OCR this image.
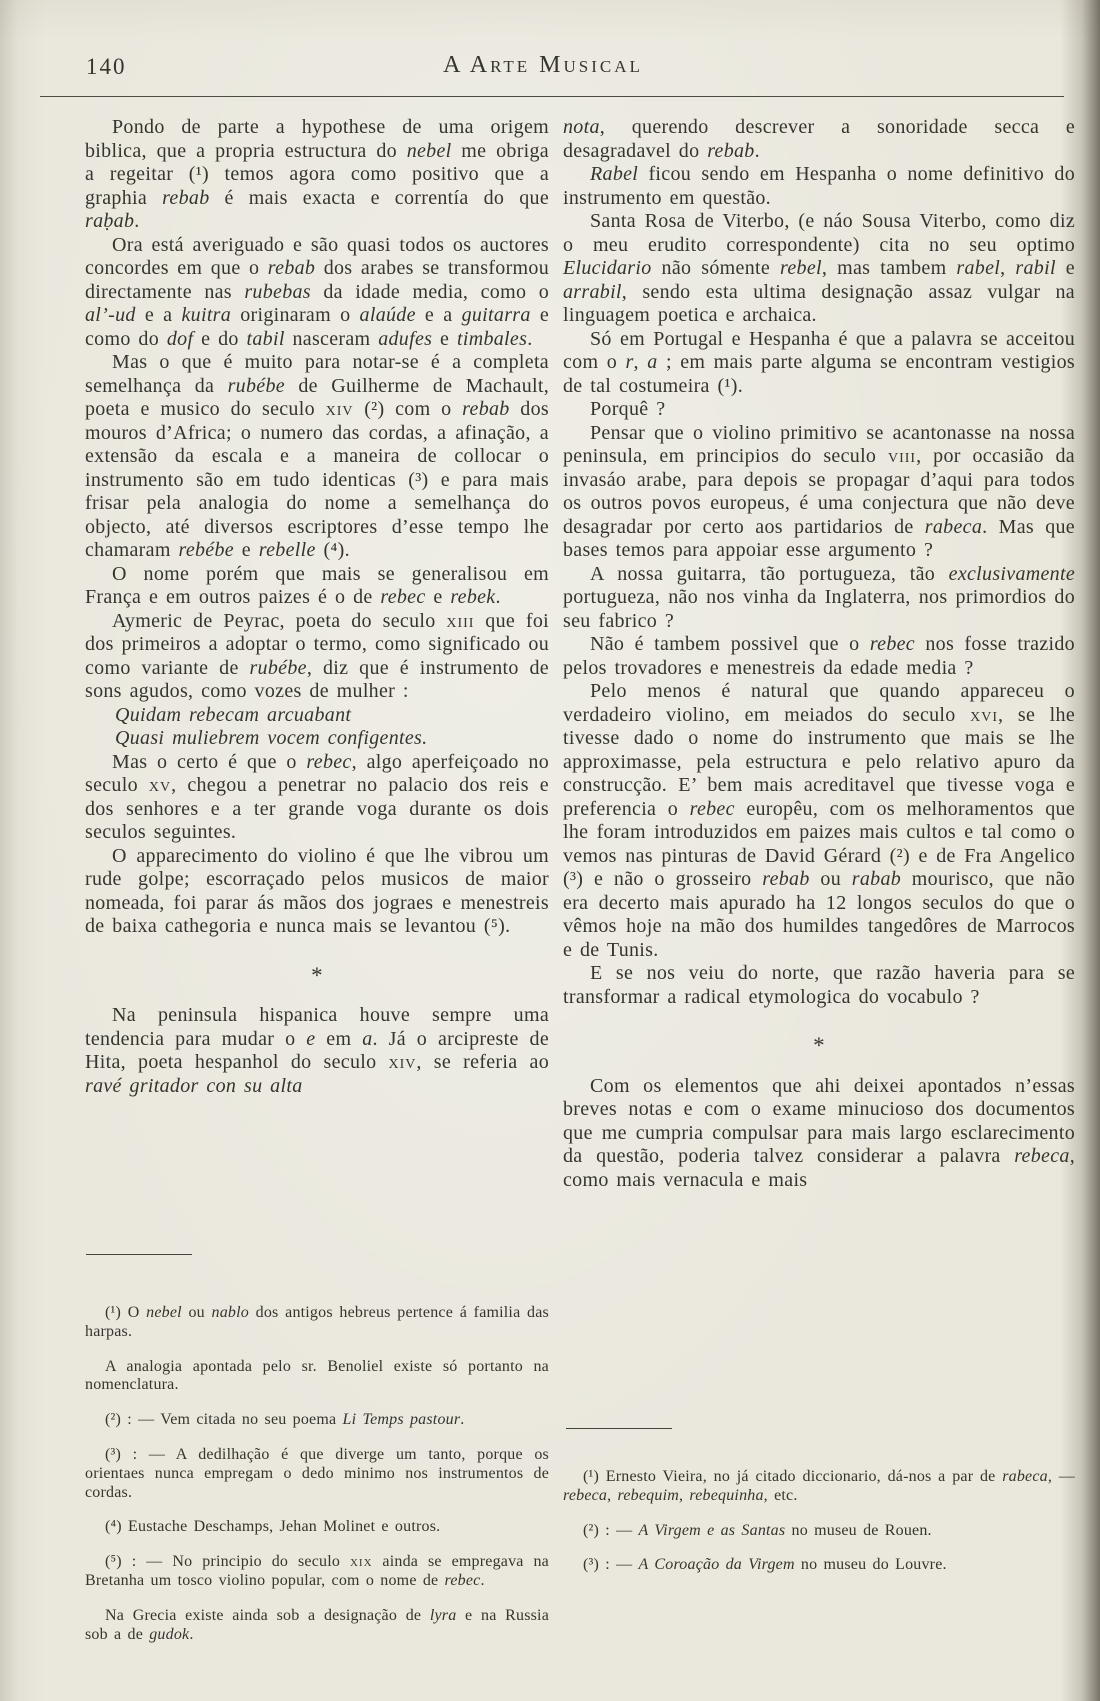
140	A Arte Musical

Pondo de parte a hypothese de uma origem biblica, que a propria estructura do nebel me obriga a regeitar (¹) temos agora como positivo que a graphia rebab é mais exacta e correntía do que raḅab.

Ora está averiguado e são quasi todos os auctores concordes em que o rebab dos arabes se transformou directamente nas rubebas da idade media, como o al’-ud e a kuitra originaram o alaúde e a guitarra e como do dof e do tabil nasceram adufes e timbales.

Mas o que é muito para notar-se é a completa semelhança da rubébe de Guilherme de Machault, poeta e musico do seculo xiv (²) com o rebab dos mouros d’Africa; o numero das cordas, a afinação, a extensão da escala e a maneira de collocar o instrumento são em tudo identicas (³) e para mais frisar pela analogia do nome a semelhança do objecto, até diversos escriptores d’esse tempo lhe chamaram rebébe e rebelle (⁴).

O nome porém que mais se generalisou em França e em outros paizes é o de rebec e rebek.

Aymeric de Peyrac, poeta do seculo xiii que foi dos primeiros a adoptar o termo, como significado ou como variante de rubébe, diz que é instrumento de sons agudos, como vozes de mulher :

Quidam rebecam arcuabant

Quasi muliebrem vocem configentes.

Mas o certo é que o rebec, algo aperfeiçoado no seculo xv, chegou a penetrar no palacio dos reis e dos senhores e a ter grande voga durante os dois seculos seguintes.

O apparecimento do violino é que lhe vibrou um rude golpe; escorraçado pelos musicos de maior nomeada, foi parar ás mãos dos jograes e menestreis de baixa cathegoria e nunca mais se levantou (⁵).

*

Na peninsula hispanica houve sempre uma tendencia para mudar o e em a. Já o arcipreste de Hita, poeta hespanhol do seculo xiv, se referia ao ravé gritador con su alta

nota, querendo descrever a sonoridade secca e desagradavel do rebab.

Rabel ficou sendo em Hespanha o nome definitivo do instrumento em questão.

Santa Rosa de Viterbo, (e náo Sousa Viterbo, como diz o meu erudito correspondente) cita no seu optimo Elucidario não sómente rebel, mas tambem rabel, rabil e arrabil, sendo esta ultima designação assaz vulgar na linguagem poetica e archaica.

Só em Portugal e Hespanha é que a palavra se acceitou com o r, a ; em mais parte alguma se encontram vestigios de tal costumeira (¹).

Porquê ?

Pensar que o violino primitivo se acantonasse na nossa peninsula, em principios do seculo viii, por occasião da invasáo arabe, para depois se propagar d’aqui para todos os outros povos europeus, é uma conjectura que não deve desagradar por certo aos partidarios de rabeca. Mas que bases temos para appoiar esse argumento ?

A nossa guitarra, tão portugueza, tão exclusivamente portugueza, não nos vinha da Inglaterra, nos primordios do seu fabrico ?

Não é tambem possivel que o rebec nos fosse trazido pelos trovadores e menestreis da edade media ?

Pelo menos é natural que quando appareceu o verdadeiro violino, em meiados do seculo xvi, se lhe tivesse dado o nome do instrumento que mais se lhe approximasse, pela estructura e pelo relativo apuro da construcção. E’ bem mais acreditavel que tivesse voga e preferencia o rebec europêu, com os melhoramentos que lhe foram introduzidos em paizes mais cultos e tal como o vemos nas pinturas de David Gérard (²) e de Fra Angelico (³) e não o grosseiro rebab ou rabab mourisco, que não era decerto mais apurado ha 12 longos seculos do que o vêmos hoje na mão dos humildes tangedôres de Marrocos e de Tunis.

E se nos veiu do norte, que razão haveria para se transformar a radical etymologica do vocabulo ?

*

Com os elementos que ahi deixei apontados n’essas breves notas e com o exame minucioso dos documentos que me cumpria compulsar para mais largo esclarecimento da questão, poderia talvez considerar a palavra rebeca, como mais vernacula e mais

(¹) O nebel ou nablo dos antigos hebreus pertence á familia das harpas.

A analogia apontada pelo sr. Benoliel existe só portanto na nomenclatura.

(²) : — Vem citada no seu poema Li Temps pastour.

(³) : — A dedilhação é que diverge um tanto, porque os orientaes nunca empregam o dedo minimo nos instrumentos de cordas.

(⁴) Eustache Deschamps, Jehan Molinet e outros.

(⁵) : — No principio do seculo xix ainda se empregava na Bretanha um tosco violino popular, com o nome de rebec.

Na Grecia existe ainda sob a designação de lyra e na Russia sob a de gudok.

(¹) Ernesto Vieira, no já citado diccionario, dá-nos a par de rabeca, — rebeca, rebequim, rebequinha, etc.

(²) : — A Virgem e as Santas no museu de Rouen.

(³) : — A Coroação da Virgem no museu do Louvre.
